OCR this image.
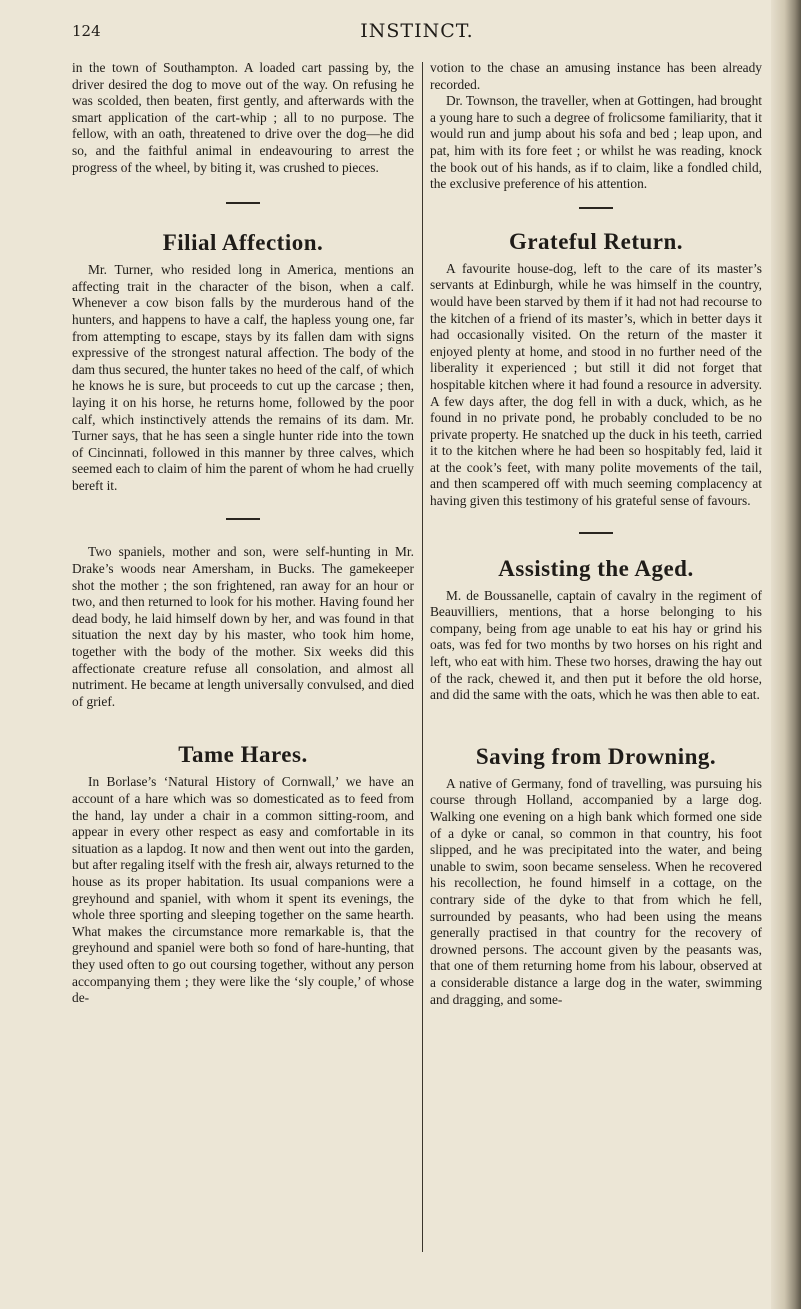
124	INSTINCT.

in the town of Southampton. A loaded cart passing by, the driver desired the dog to move out of the way. On refusing he was scolded, then beaten, first gently, and afterwards with the smart application of the cart-whip ; all to no purpose. The fellow, with an oath, threatened to drive over the dog—he did so, and the faithful animal in endeavouring to arrest the progress of the wheel, by biting it, was crushed to pieces.

Filial Affection.

Mr. Turner, who resided long in America, mentions an affecting trait in the character of the bison, when a calf. Whenever a cow bison falls by the murderous hand of the hunters, and happens to have a calf, the hapless young one, far from attempting to escape, stays by its fallen dam with signs expressive of the strongest natural affection. The body of the dam thus secured, the hunter takes no heed of the calf, of which he knows he is sure, but proceeds to cut up the carcase ; then, laying it on his horse, he returns home, followed by the poor calf, which instinctively attends the remains of its dam. Mr. Turner says, that he has seen a single hunter ride into the town of Cincinnati, followed in this manner by three calves, which seemed each to claim of him the parent of whom he had cruelly bereft it.

Two spaniels, mother and son, were self-hunting in Mr. Drake’s woods near Amersham, in Bucks. The gamekeeper shot the mother ; the son frightened, ran away for an hour or two, and then returned to look for his mother. Having found her dead body, he laid himself down by her, and was found in that situation the next day by his master, who took him home, together with the body of the mother. Six weeks did this affectionate creature refuse all consolation, and almost all nutriment. He became at length universally convulsed, and died of grief.

Tame Hares.

In Borlase’s ‘Natural History of Cornwall,’ we have an account of a hare which was so domesticated as to feed from the hand, lay under a chair in a common sitting-room, and appear in every other respect as easy and comfortable in its situation as a lapdog. It now and then went out into the garden, but after regaling itself with the fresh air, always returned to the house as its proper habitation. Its usual companions were a greyhound and spaniel, with whom it spent its evenings, the whole three sporting and sleeping together on the same hearth. What makes the circumstance more remarkable is, that the greyhound and spaniel were both so fond of hare-hunting, that they used often to go out coursing together, without any person accompanying them ; they were like the ‘sly couple,’ of whose de-

votion to the chase an amusing instance has been already recorded.

Dr. Townson, the traveller, when at Gottingen, had brought a young hare to such a degree of frolicsome familiarity, that it would run and jump about his sofa and bed ; leap upon, and pat, him with its fore feet ; or whilst he was reading, knock the book out of his hands, as if to claim, like a fondled child, the exclusive preference of his attention.

Grateful Return.

A favourite house-dog, left to the care of its master’s servants at Edinburgh, while he was himself in the country, would have been starved by them if it had not had recourse to the kitchen of a friend of its master’s, which in better days it had occasionally visited. On the return of the master it enjoyed plenty at home, and stood in no further need of the liberality it experienced ; but still it did not forget that hospitable kitchen where it had found a resource in adversity. A few days after, the dog fell in with a duck, which, as he found in no private pond, he probably concluded to be no private property. He snatched up the duck in his teeth, carried it to the kitchen where he had been so hospitably fed, laid it at the cook’s feet, with many polite movements of the tail, and then scampered off with much seeming complacency at having given this testimony of his grateful sense of favours.

Assisting the Aged.

M. de Boussanelle, captain of cavalry in the regiment of Beauvilliers, mentions, that a horse belonging to his company, being from age unable to eat his hay or grind his oats, was fed for two months by two horses on his right and left, who eat with him. These two horses, drawing the hay out of the rack, chewed it, and then put it before the old horse, and did the same with the oats, which he was then able to eat.

Saving from Drowning.

A native of Germany, fond of travelling, was pursuing his course through Holland, accompanied by a large dog. Walking one evening on a high bank which formed one side of a dyke or canal, so common in that country, his foot slipped, and he was precipitated into the water, and being unable to swim, soon became senseless. When he recovered his recollection, he found himself in a cottage, on the contrary side of the dyke to that from which he fell, surrounded by peasants, who had been using the means generally practised in that country for the recovery of drowned persons. The account given by the peasants was, that one of them returning home from his labour, observed at a considerable distance a large dog in the water, swimming and dragging, and some-
